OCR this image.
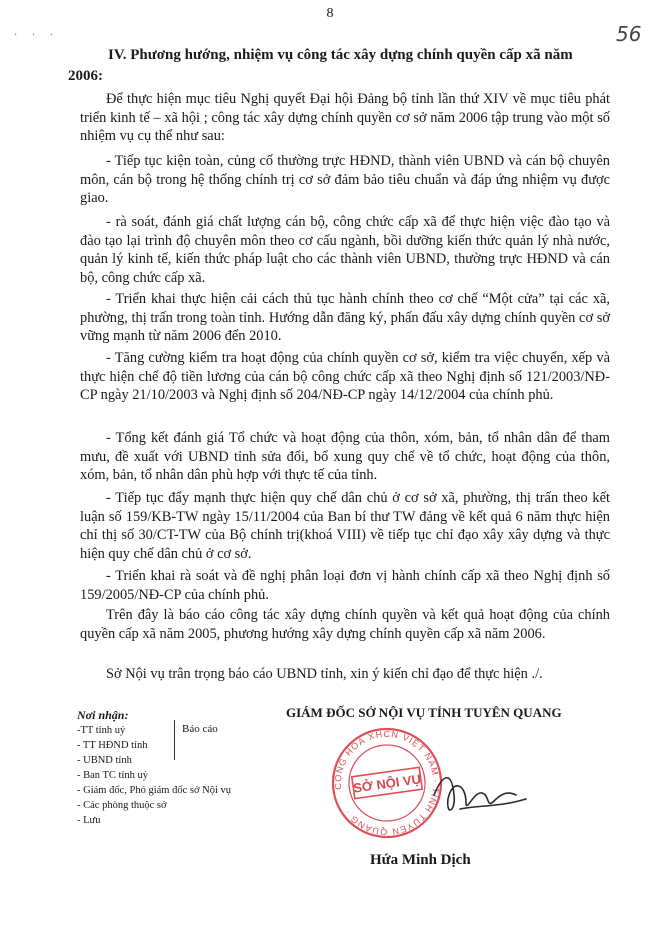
8
56
· · ·
IV. Phương hướng, nhiệm vụ công tác xây dựng chính quyền cấp xã năm
2006:
Để thực hiện mục tiêu Nghị quyết Đại hội Đảng bộ tỉnh lần thứ XIV về mục tiêu phát triển kinh tế – xã hội ; công tác xây dựng chính quyền cơ sở năm 2006 tập trung vào một số nhiệm vụ cụ thể như sau:
- Tiếp tục kiện toàn, củng cố thường trực HĐND, thành viên UBND và cán bộ chuyên môn, cán bộ trong hệ thống chính trị cơ sở đảm bảo tiêu chuẩn và đáp ứng nhiệm vụ được giao.
- rà soát, đánh giá chất lượng cán bộ, công chức cấp xã để thực hiện việc đào tạo và đào tạo lại trình độ chuyên môn theo cơ cấu ngành, bồi dưỡng kiến thức quản lý nhà nước, quản lý kinh tế, kiến thức pháp luật cho các thành viên UBND, thường trực HĐND và cán bộ, công chức cấp xã.
- Triển khai thực hiện cải cách thủ tục hành chính theo cơ chế “Một cửa” tại các xã, phường, thị trấn trong toàn tỉnh. Hướng dẫn đăng ký, phấn đấu xây dựng chính quyền cơ sở vững mạnh từ năm 2006 đến 2010.
- Tăng cường kiểm tra hoạt động của chính quyền cơ sở, kiểm tra việc chuyển, xếp và thực hiện chế độ tiền lương của cán bộ công chức cấp xã theo Nghị định số 121/2003/NĐ-CP ngày 21/10/2003 và Nghị định số 204/NĐ-CP ngày 14/12/2004 của chính phủ.
- Tổng kết đánh giá Tổ chức và hoạt động của thôn, xóm, bản, tổ nhân dân để tham mưu, đề xuất với UBND tỉnh sửa đổi, bổ xung quy chế về tổ chức, hoạt động của thôn, xóm, bản, tổ nhân dân phù hợp với thực tế của tỉnh.
- Tiếp tục đẩy mạnh thực hiện quy chế dân chủ ở cơ sở xã, phường, thị trấn theo kết luận số 159/KB-TW ngày 15/11/2004 của Ban bí thư TW đảng về kết quả 6 năm thực hiện chỉ thị số 30/CT-TW của Bộ chính trị(khoá VIII) về tiếp tục chỉ đạo xây xây dựng và thực hiện quy chế dân chủ ở cơ sở.
- Triển khai rà soát và đề nghị phân loại đơn vị hành chính cấp xã theo Nghị định số 159/2005/NĐ-CP của chính phủ.
Trên đây là báo cáo công tác xây dựng chính quyền và kết quả hoạt động của chính quyền cấp xã năm 2005, phương hướng xây dựng chính quyền cấp xã năm 2006.
Sở Nội vụ trân trọng báo cáo UBND tỉnh, xin ý kiến chỉ đạo để thực hiện ./.
Nơi nhận:
-TT tỉnh uỷ
- TT HĐND tỉnh
- UBND tỉnh
- Ban TC tỉnh uỷ
- Giám đốc, Phó giám đốc sở Nội vụ
- Các phòng thuộc sở
- Lưu
Báo cáo
GIÁM ĐỐC SỞ NỘI VỤ TỈNH TUYÊN QUANG
CỘNG HOÀ XHCN VIỆT NAM · TỈNH TUYÊN QUANG ·
SỞ NỘI VỤ
Hứa Minh Dịch
